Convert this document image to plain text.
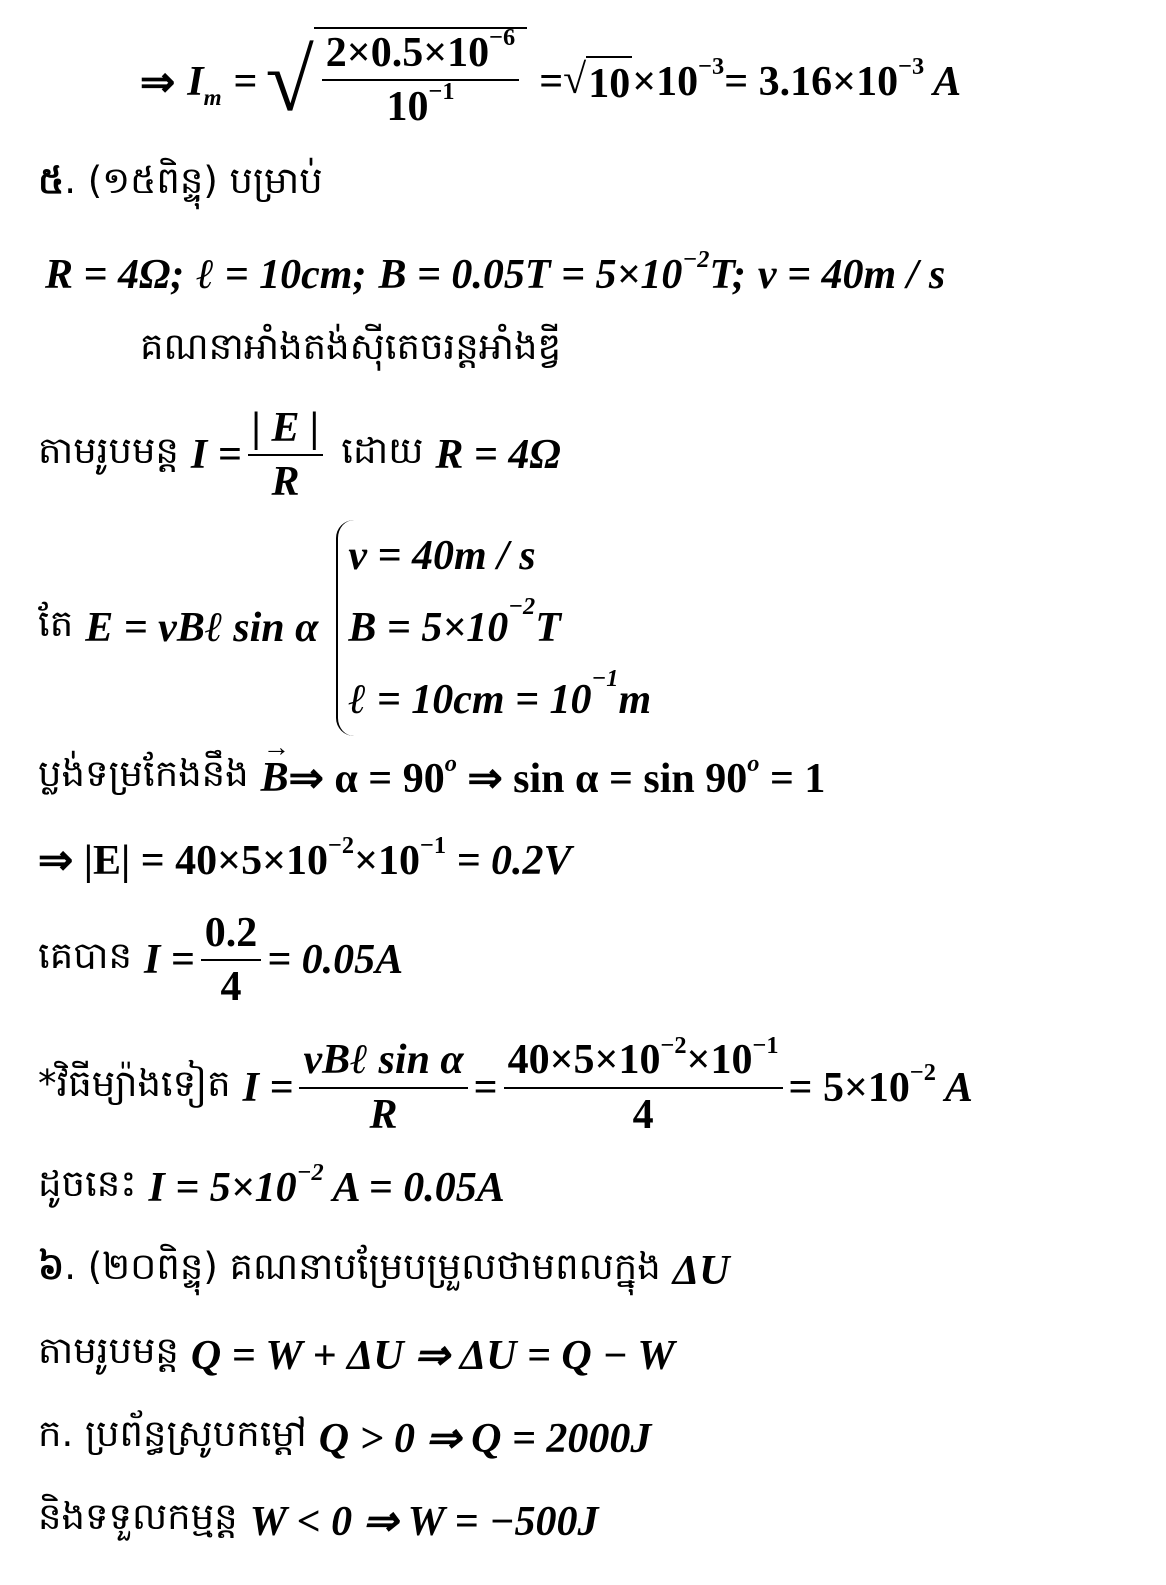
⇒ $I_m$ = √ $\frac{2\times 0.5\times 10^{-6}}{10^{-1}}$ = √ $10 \times 10^{-3} = 3.16\times 10^{-3}$ A
៥ . (១៥ពិន្ទុ) បម្រាប់
R = 4Ω; ℓ = 10cm; $B = 0.05T = 5\times 10^{-2}T$; v = 40m / s
គណនាអាំងតង់ស៊ីតេចរន្តអាំងឌ្វី
តាមរូបមន្ត $I = \frac{| E |}{R}$ ដោយ R = 4Ω
តែ E = vBℓ sin α
v = 40m / s
$B = 5\times 10^{-2}$ T
ℓ = $10cm = 10^{-1}$ m
ប្លង់ទម្រកែងនឹង
→ B ⇒ $\alpha = 90^o$ ⇒ $\sin \alpha = \sin 90^o = 1$
⇒ $|E| = 40\times 5\times 10^{-2}\times 10^{-1} = 0.2V$
គេបាន $I = \frac{0.2}{4} = 0.05A$
*វិធីម្យ៉ាងទៀត $I = \frac{\text{vBℓ sin α}}{R} = \frac{40\times 5\times 10^{-2}\times 10^{-1}}{4} = 5\times 10^{-2}$ A
ដូចនេះ $I = 5\times 10^{-2}$ A = 0.05A
៦ . (២០ពិន្ទុ) គណនាបម្រែបម្រួលថាមពលក្នុង ΔU
តាមរូបមន្ត Q = W + ΔU ⇒ ΔU = Q − W
ក. ប្រព័ន្ធស្រូបកម្ដៅ Q > 0 ⇒ Q = 2000J
និងទទួលកម្មន្ត W < 0 ⇒ W = −500J
